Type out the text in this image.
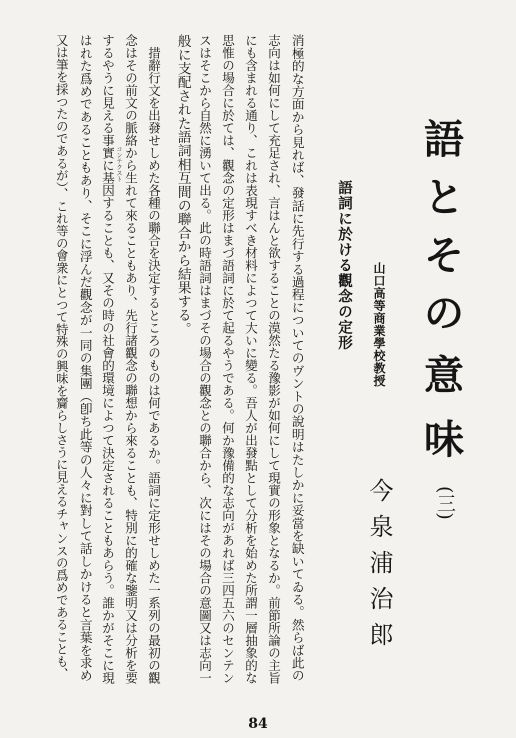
語
と
そ
の
意
味
(三)
山口高等商業學校教授
今泉浦治郎
語詞に於ける觀念の定形
消極的な方面から見れば、發話に先行する過程についてのヴントの說明はたしかに妥當を缺いてゐる。然らば此の
志向は如何にして充足され、言はんと欲することの漠然たる豫影が如何にして現實の形象となるか。前節所論の主旨
にも含まれる通り、これは表現すべき材料によつて大いに變る。吾人が出發點として分析を始めた所謂一層抽象的な
思惟の場合に於ては、觀念の定形はまづ語詞に於て起るやうである。何か豫備的な志向があれば三四五六のセンテン
スはそこから自然に湧いて出る。此の時語詞はまづその場合の觀念との聯合から、次にはその場合の意圖又は志向一
般に支配された語詞相互間の聯合から結果する。
　措辭行文を出發せしめた各種の聯合を決定するところのものは何であるか。語詞に定形せしめた一系列の最初の觀
念はその前文の脈絡から生れて來ることもあり、先行諸觀念の聯想から來ることも、特別に的確な鑒明又は分析を要
するやうに見える事實に基因することも、又その時の社會的環境によつて決定されることもあらう。誰かがそこに現
はれた爲めであることもあり、そこに浮んだ觀念が一同の集團（卽ち此等の人々に對して話しかけると言葉を求め
又は筆を採つたのであるが）、これ等の會衆にとつて特殊の興味を齎らしさうに見えるチャンスの爲めであることも、	コンテクスト
84
